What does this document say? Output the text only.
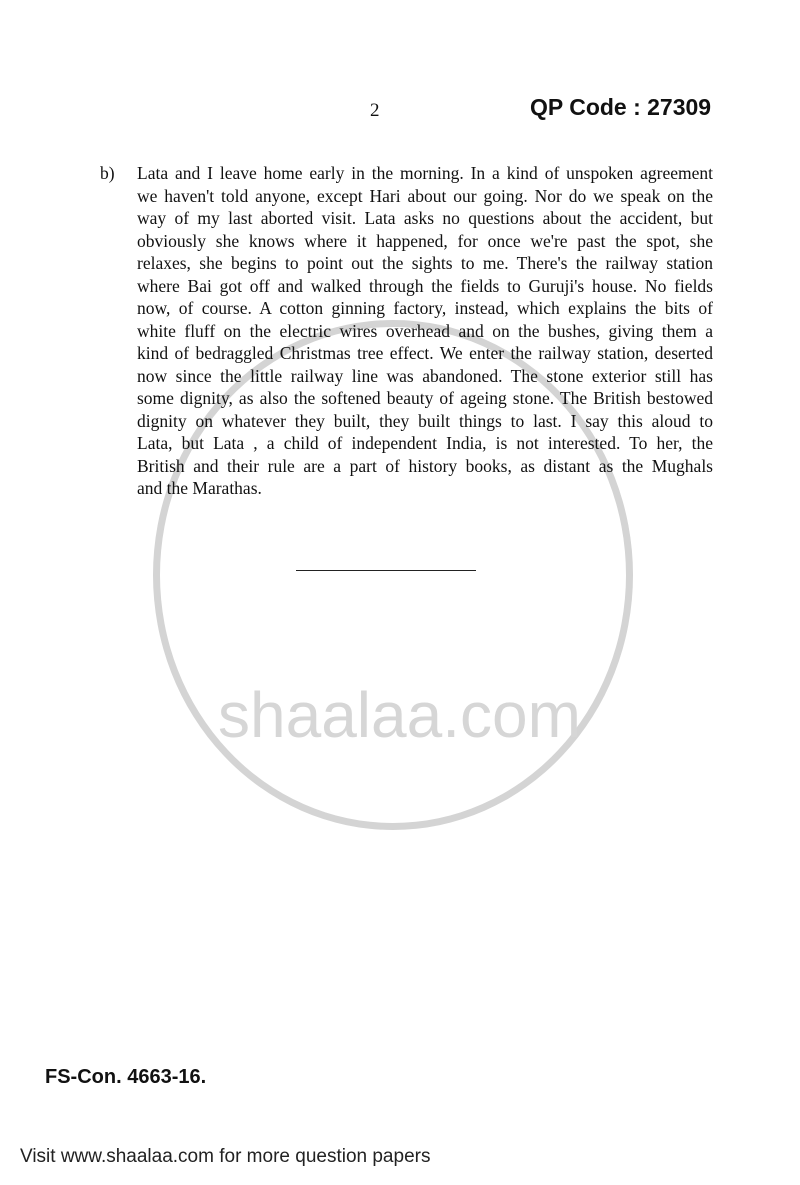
shaalaa.com
2	QP Code : 27309
b) Lata and I leave home early in the morning. In a kind of unspoken agreement
we haven't told anyone, except Hari about our going. Nor do we speak on the
way of my last aborted visit. Lata asks no questions about the accident, but
obviously she knows where it happened, for once we're past the spot, she
relaxes, she begins to point out the sights to me. There's the railway station
where Bai got off and walked through the fields to Guruji's house. No fields
now, of course. A cotton ginning factory, instead, which explains the bits of
white fluff on the electric wires overhead and on the bushes, giving them a
kind of bedraggled Christmas tree effect. We enter the railway station, deserted
now since the little railway line was abandoned. The stone exterior still has
some dignity, as also the softened beauty of ageing stone. The British bestowed
dignity on whatever they built, they built things to last. I say this aloud to
Lata, but Lata , a child of independent India, is not interested. To her, the
British and their rule are a part of history books, as distant as the Mughals
and the Marathas.
FS-Con. 4663-16.
Visit www.shaalaa.com for more question papers
